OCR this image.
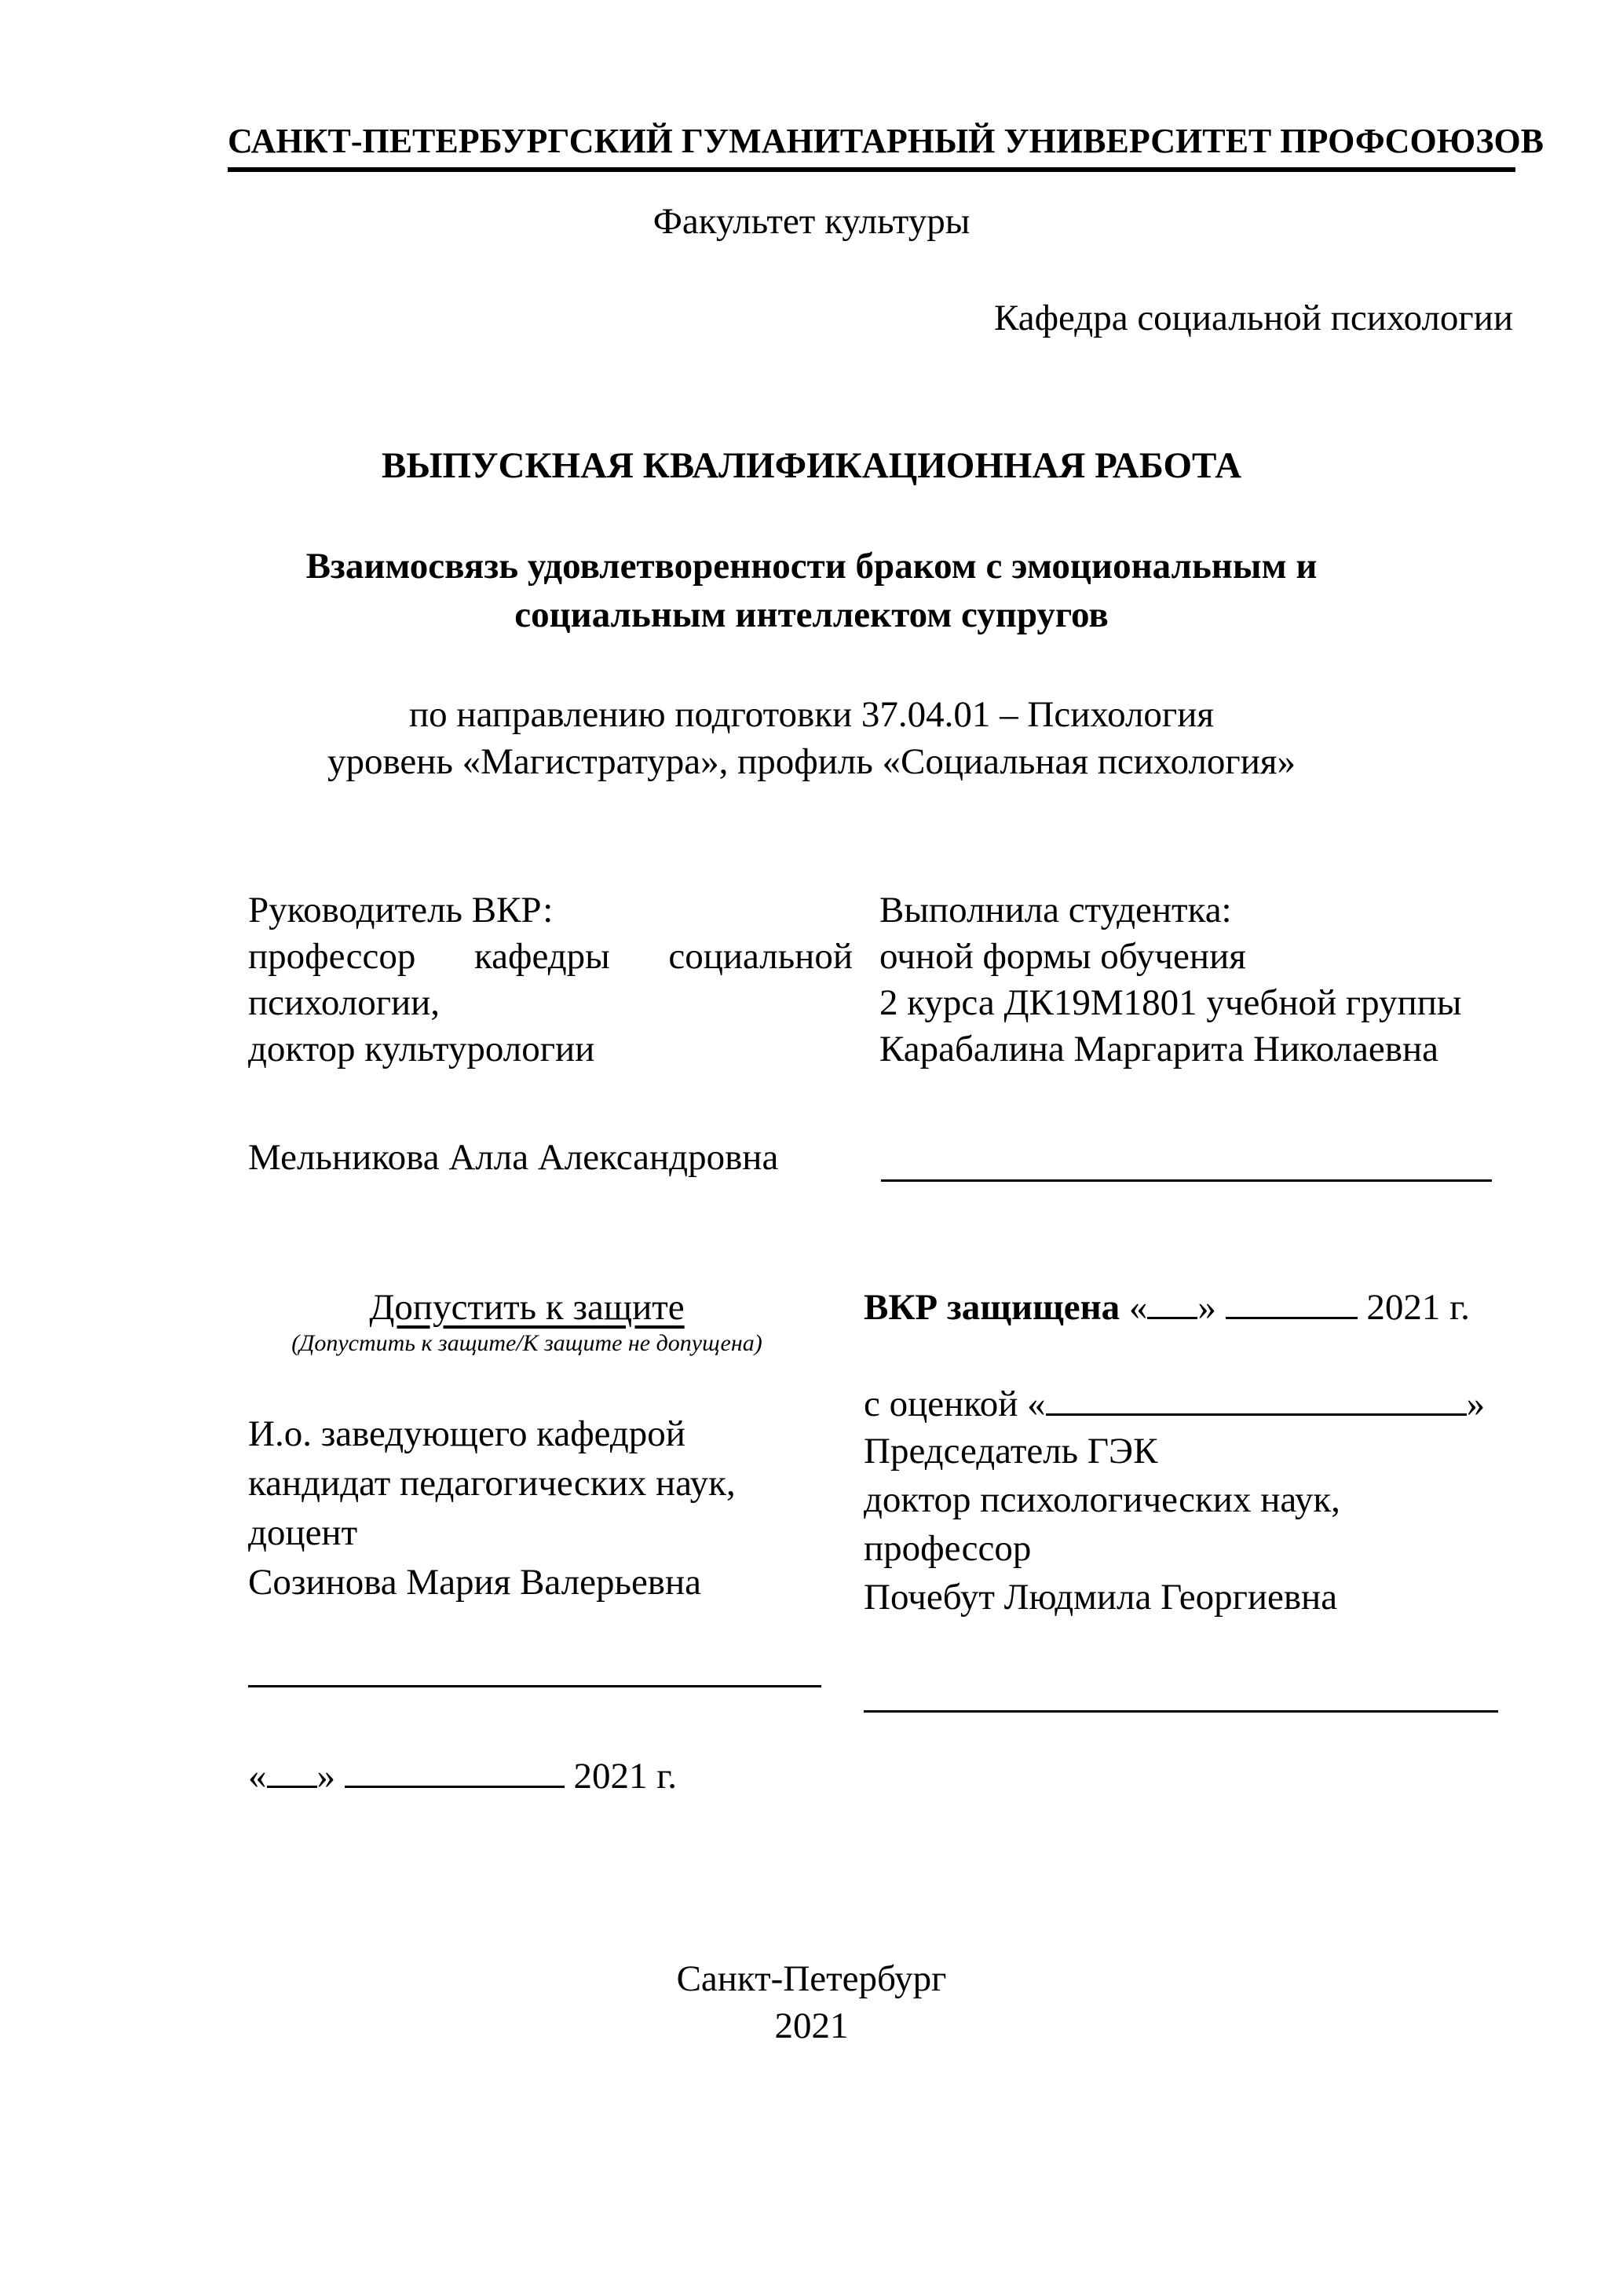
САНКТ-ПЕТЕРБУРГСКИЙ ГУМАНИТАРНЫЙ УНИВЕРСИТЕТ ПРОФСОЮЗОВ
Факультет культуры
Кафедра социальной психологии
ВЫПУСКНАЯ КВАЛИФИКАЦИОННАЯ РАБОТА
Взаимосвязь удовлетворенности браком с эмоциональным и
социальным интеллектом супругов
по направлению подготовки 37.04.01 – Психология
уровень «Магистратура», профиль «Социальная психология»
Руководитель ВКР:
профессор кафедры социальной
психологии,
доктор культурологии
Мельникова Алла Александровна
Выполнила студентка:
очной формы обучения
2 курса ДК19М1801 учебной группы
Карабалина Маргарита Николаевна
Допустить к защите
(Допустить к защите/К защите не допущена)
ВКР защищена « »	2021 г.
с оценкой «	»
И.о. заведующего кафедрой
кандидат педагогических наук,
доцент
Созинова Мария Валерьевна
« »	2021 г.
Председатель ГЭК
доктор психологических наук,
профессор
Почебут Людмила Георгиевна
Санкт-Петербург
2021
